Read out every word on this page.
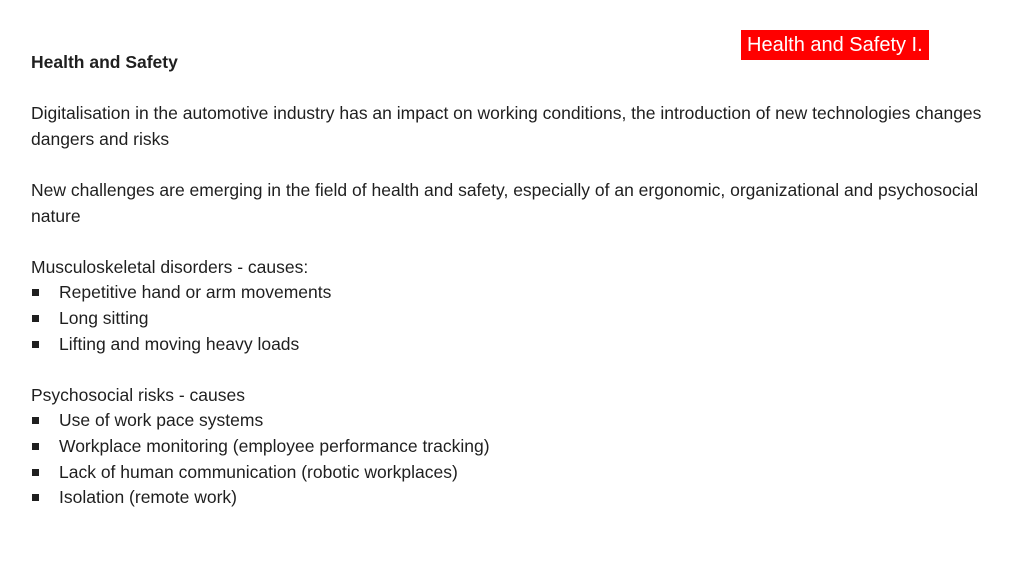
Health and Safety I.

Health and Safety

Digitalisation in the automotive industry has an impact on working conditions, the introduction of new technologies changes dangers and risks

New challenges are emerging in the field of health and safety, especially of an ergonomic, organizational and psychosocial nature

Musculoskeletal disorders - causes:

Repetitive hand or arm movements
Long sitting
Lifting and moving heavy loads

Psychosocial risks - causes

Use of work pace systems
Workplace monitoring (employee performance tracking)
Lack of human communication (robotic workplaces)
Isolation (remote work)
